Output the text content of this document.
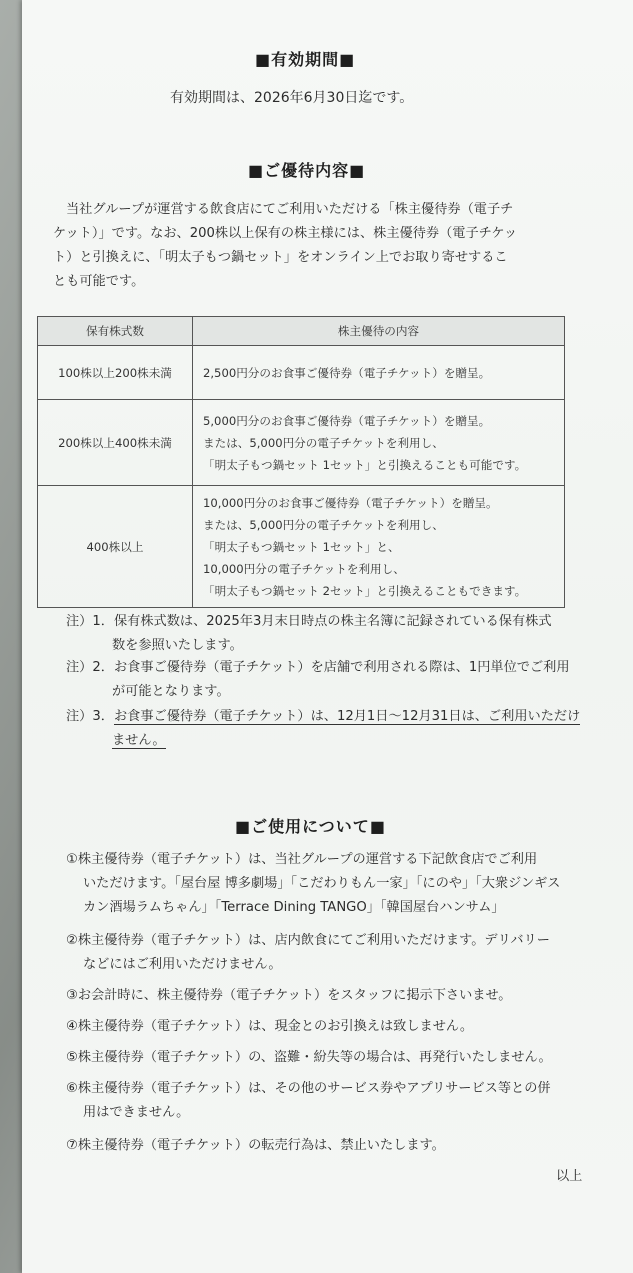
■有効期間■
有効期間は、2026年6月30日迄です。
■ご優待内容■
当社グループが運営する飲食店にてご利用いただける「株主優待券（電子チ
ケット）」です。なお、200株以上保有の株主様には、株主優待券（電子チケッ
ト）と引換えに、「明太子もつ鍋セット」をオンライン上でお取り寄せするこ
とも可能です。
保有株式数	株主優待の内容
100株以上200株未満	2,500円分のお食事ご優待券（電子チケット）を贈呈。

200株以上400株未満	5,000円分のお食事ご優待券（電子チケット）を贈呈。
または、5,000円分の電子チケットを利用し、
「明太子もつ鍋セット 1セット」と引換えることも可能です。

400株以上	10,000円分のお食事ご優待券（電子チケット）を贈呈。
または、5,000円分の電子チケットを利用し、
「明太子もつ鍋セット 1セット」と、
10,000円分の電子チケットを利用し、
「明太子もつ鍋セット 2セット」と引換えることもできます。
注）1．保有株式数は、2025年3月末日時点の株主名簿に記録されている保有株式
数を参照いたします。
注）2．お食事ご優待券（電子チケット）を店舗で利用される際は、1円単位でご利用
が可能となります。
注）3．お食事ご優待券（電子チケット）は、12月1日〜12月31日は、ご利用いただけ
ません。
■ご使用について■
①株主優待券（電子チケット）は、当社グループの運営する下記飲食店でご利用
いただけます。「屋台屋 博多劇場」「こだわりもん一家」「にのや」「大衆ジンギス
カン酒場ラムちゃん」「Terrace Dining TANGO」「韓国屋台ハンサム」
②株主優待券（電子チケット）は、店内飲食にてご利用いただけます。デリバリー
などにはご利用いただけません。
③お会計時に、株主優待券（電子チケット）をスタッフに掲示下さいませ。
④株主優待券（電子チケット）は、現金とのお引換えは致しません。
⑤株主優待券（電子チケット）の、盗難・紛失等の場合は、再発行いたしません。
⑥株主優待券（電子チケット）は、その他のサービス券やアプリサービス等との併
用はできません。
⑦株主優待券（電子チケット）の転売行為は、禁止いたします。
以上
